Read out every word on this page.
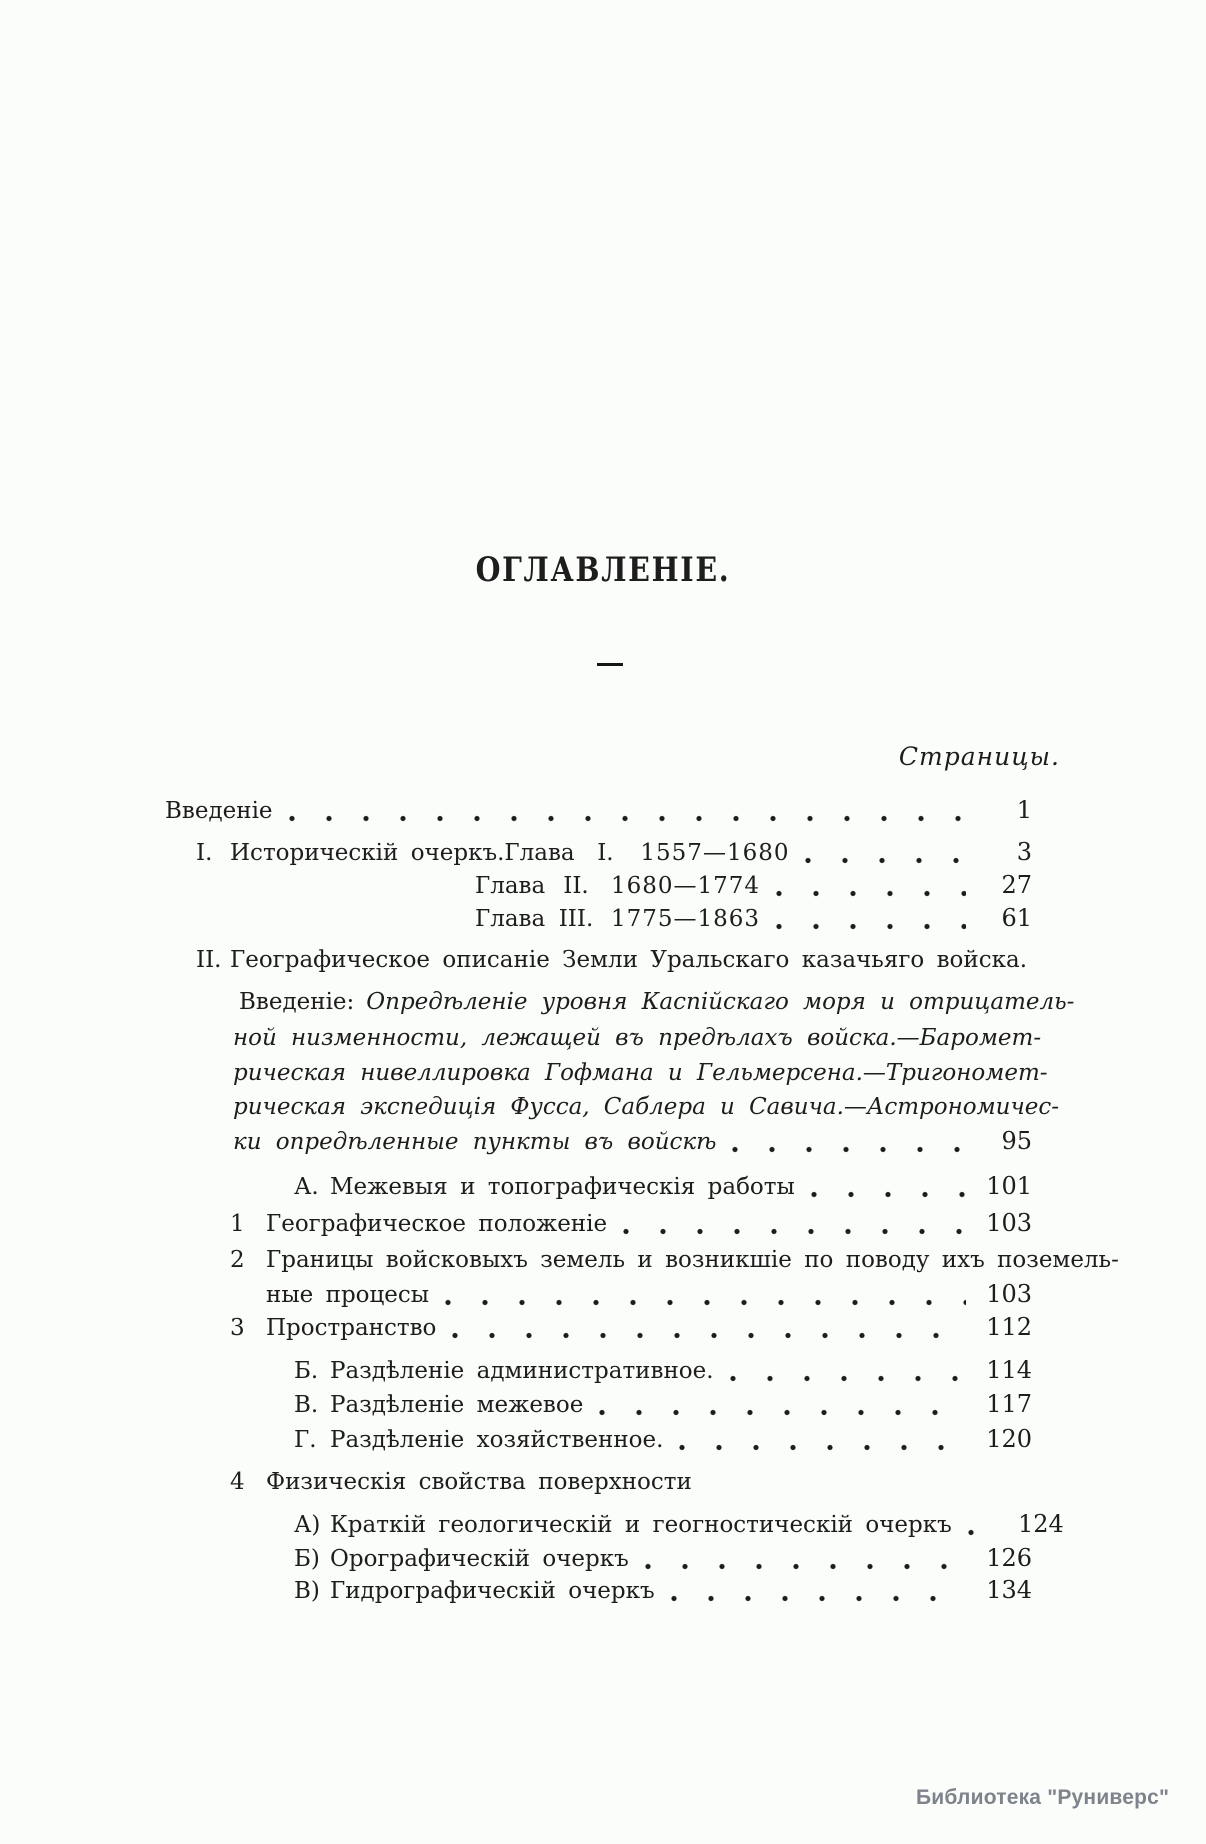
ОГЛАВЛЕНІЕ.
Страницы.
Введеніе	1
I. Историческій очеркъ. Глава I.	1557—1680	3
Глава II. 1680—1774	27
Глава III. 1775—1863	61
II. Географическое описаніе Земли Уральскаго казачьяго войска.
Введеніе: Опредѣленіе уровня Каспійскаго моря и отрицатель-
ной низменности, лежащей въ предѣлахъ войска.—Баромет-
рическая нивеллировка Гофмана и Гельмерсена.—Тригономет-
рическая экспедиція Фусса, Саблера и Савича.—Астрономичес-
ки опредѣленные пункты въ войскѣ	95
А. Межевыя и топографическія работы	101
1 Географическое положеніе	103
2 Границы войсковыхъ земель и возникшіе по поводу ихъ поземель-
ные процесы	103
3 Пространство	112
Б. Раздѣленіе административное.	114
В. Раздѣленіе межевое	117
Г. Раздѣленіе хозяйственное.	120
4 Физическія свойства поверхности
А) Краткій геологическій и геогностическій очеркъ	124
Б) Орографическій очеркъ	126
В) Гидрографическій очеркъ	134
Библиотека "Руниверс"
